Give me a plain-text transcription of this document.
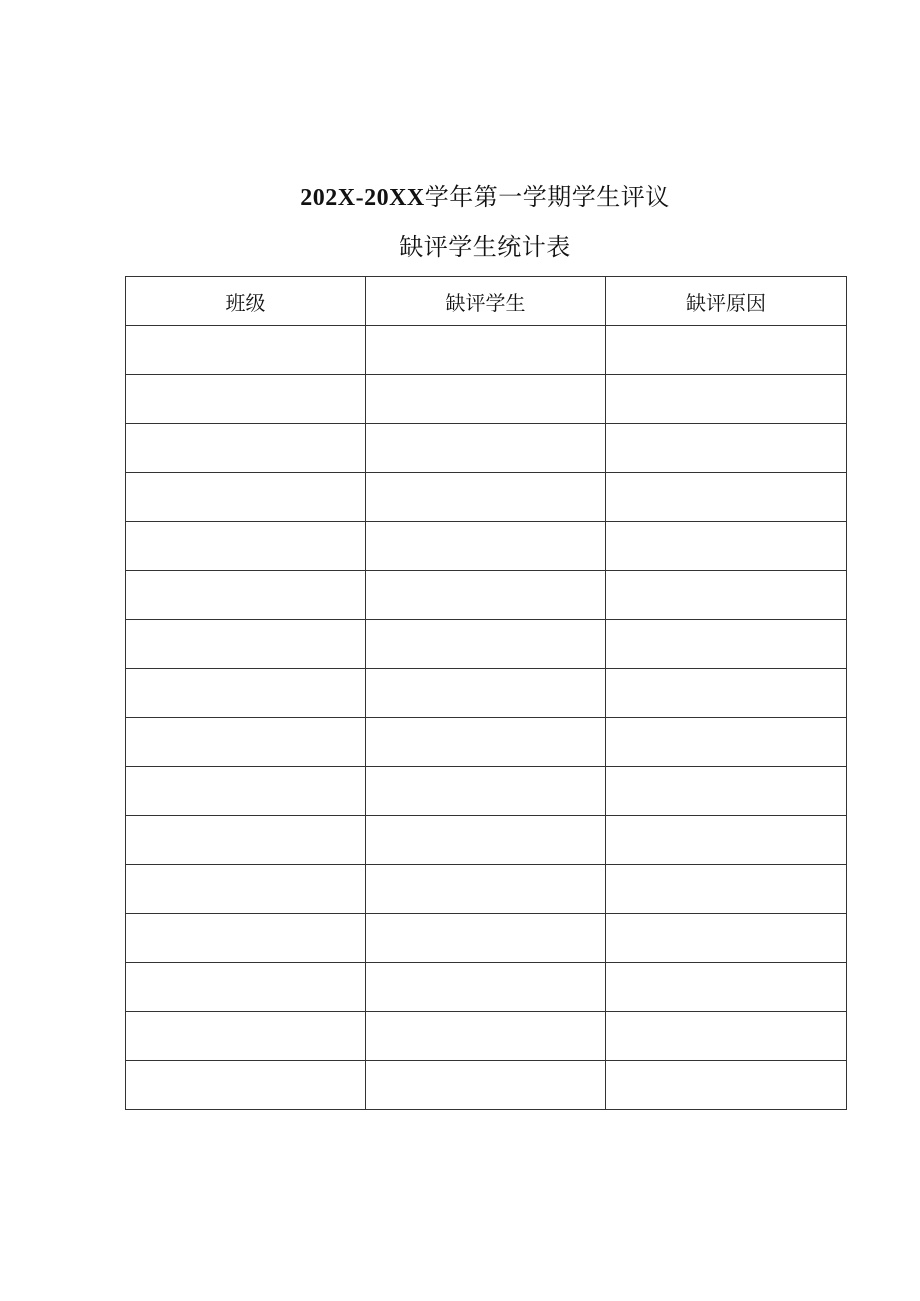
202X-20XX学年第一学期学生评议
缺评学生统计表
班级	缺评学生	缺评原因
